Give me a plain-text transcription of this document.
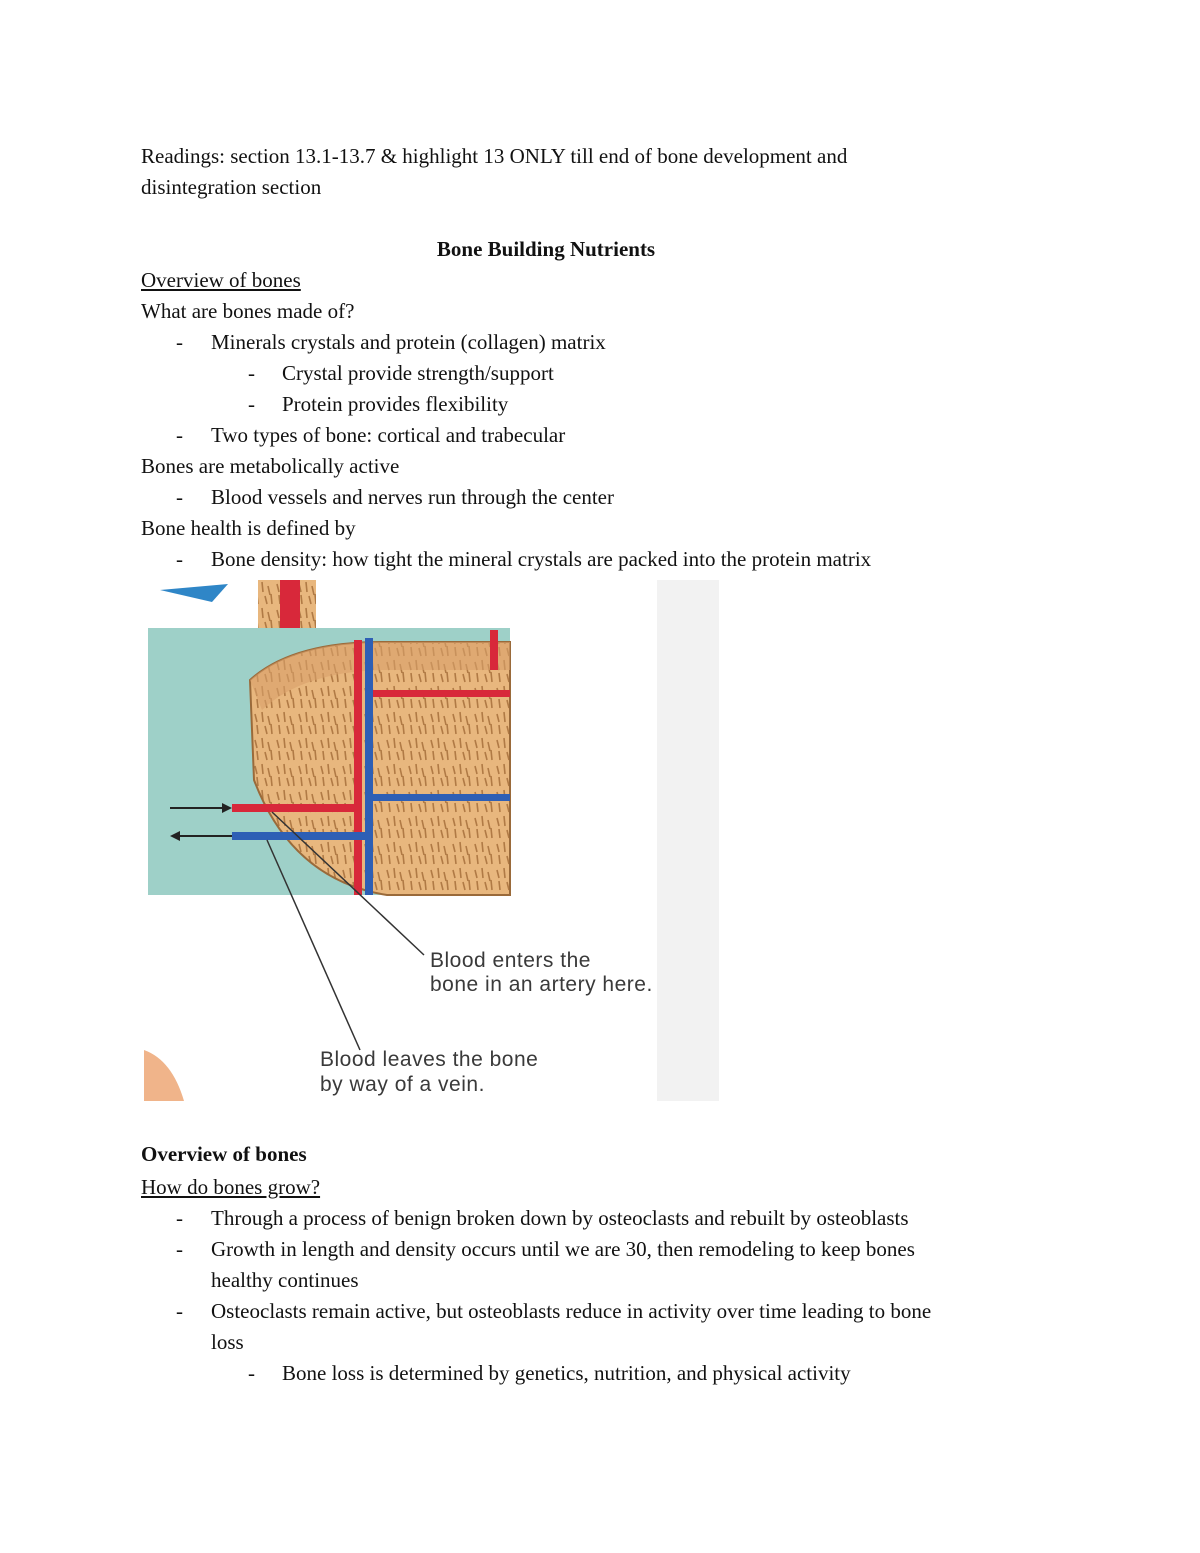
Readings: section 13.1-13.7 & highlight 13 ONLY till end of bone development and
disintegration section
Bone Building Nutrients
Overview of bones
What are bones made of?
- Minerals crystals and protein (collagen) matrix
- Crystal provide strength/support
- Protein provides flexibility
- Two types of bone: cortical and trabecular
Bones are metabolically active
- Blood vessels and nerves run through the center
Bone health is defined by
- Bone density: how tight the mineral crystals are packed into the protein matrix
Blood enters the
bone in an artery here.
Blood leaves the bone
by way of a vein.
Overview of bones
How do bones grow?
- Through a process of benign broken down by osteoclasts and rebuilt by osteoblasts
- Growth in length and density occurs until we are 30, then remodeling to keep bones
healthy continues
- Osteoclasts remain active, but osteoblasts reduce in activity over time leading to bone
loss
- Bone loss is determined by genetics, nutrition, and physical activity
